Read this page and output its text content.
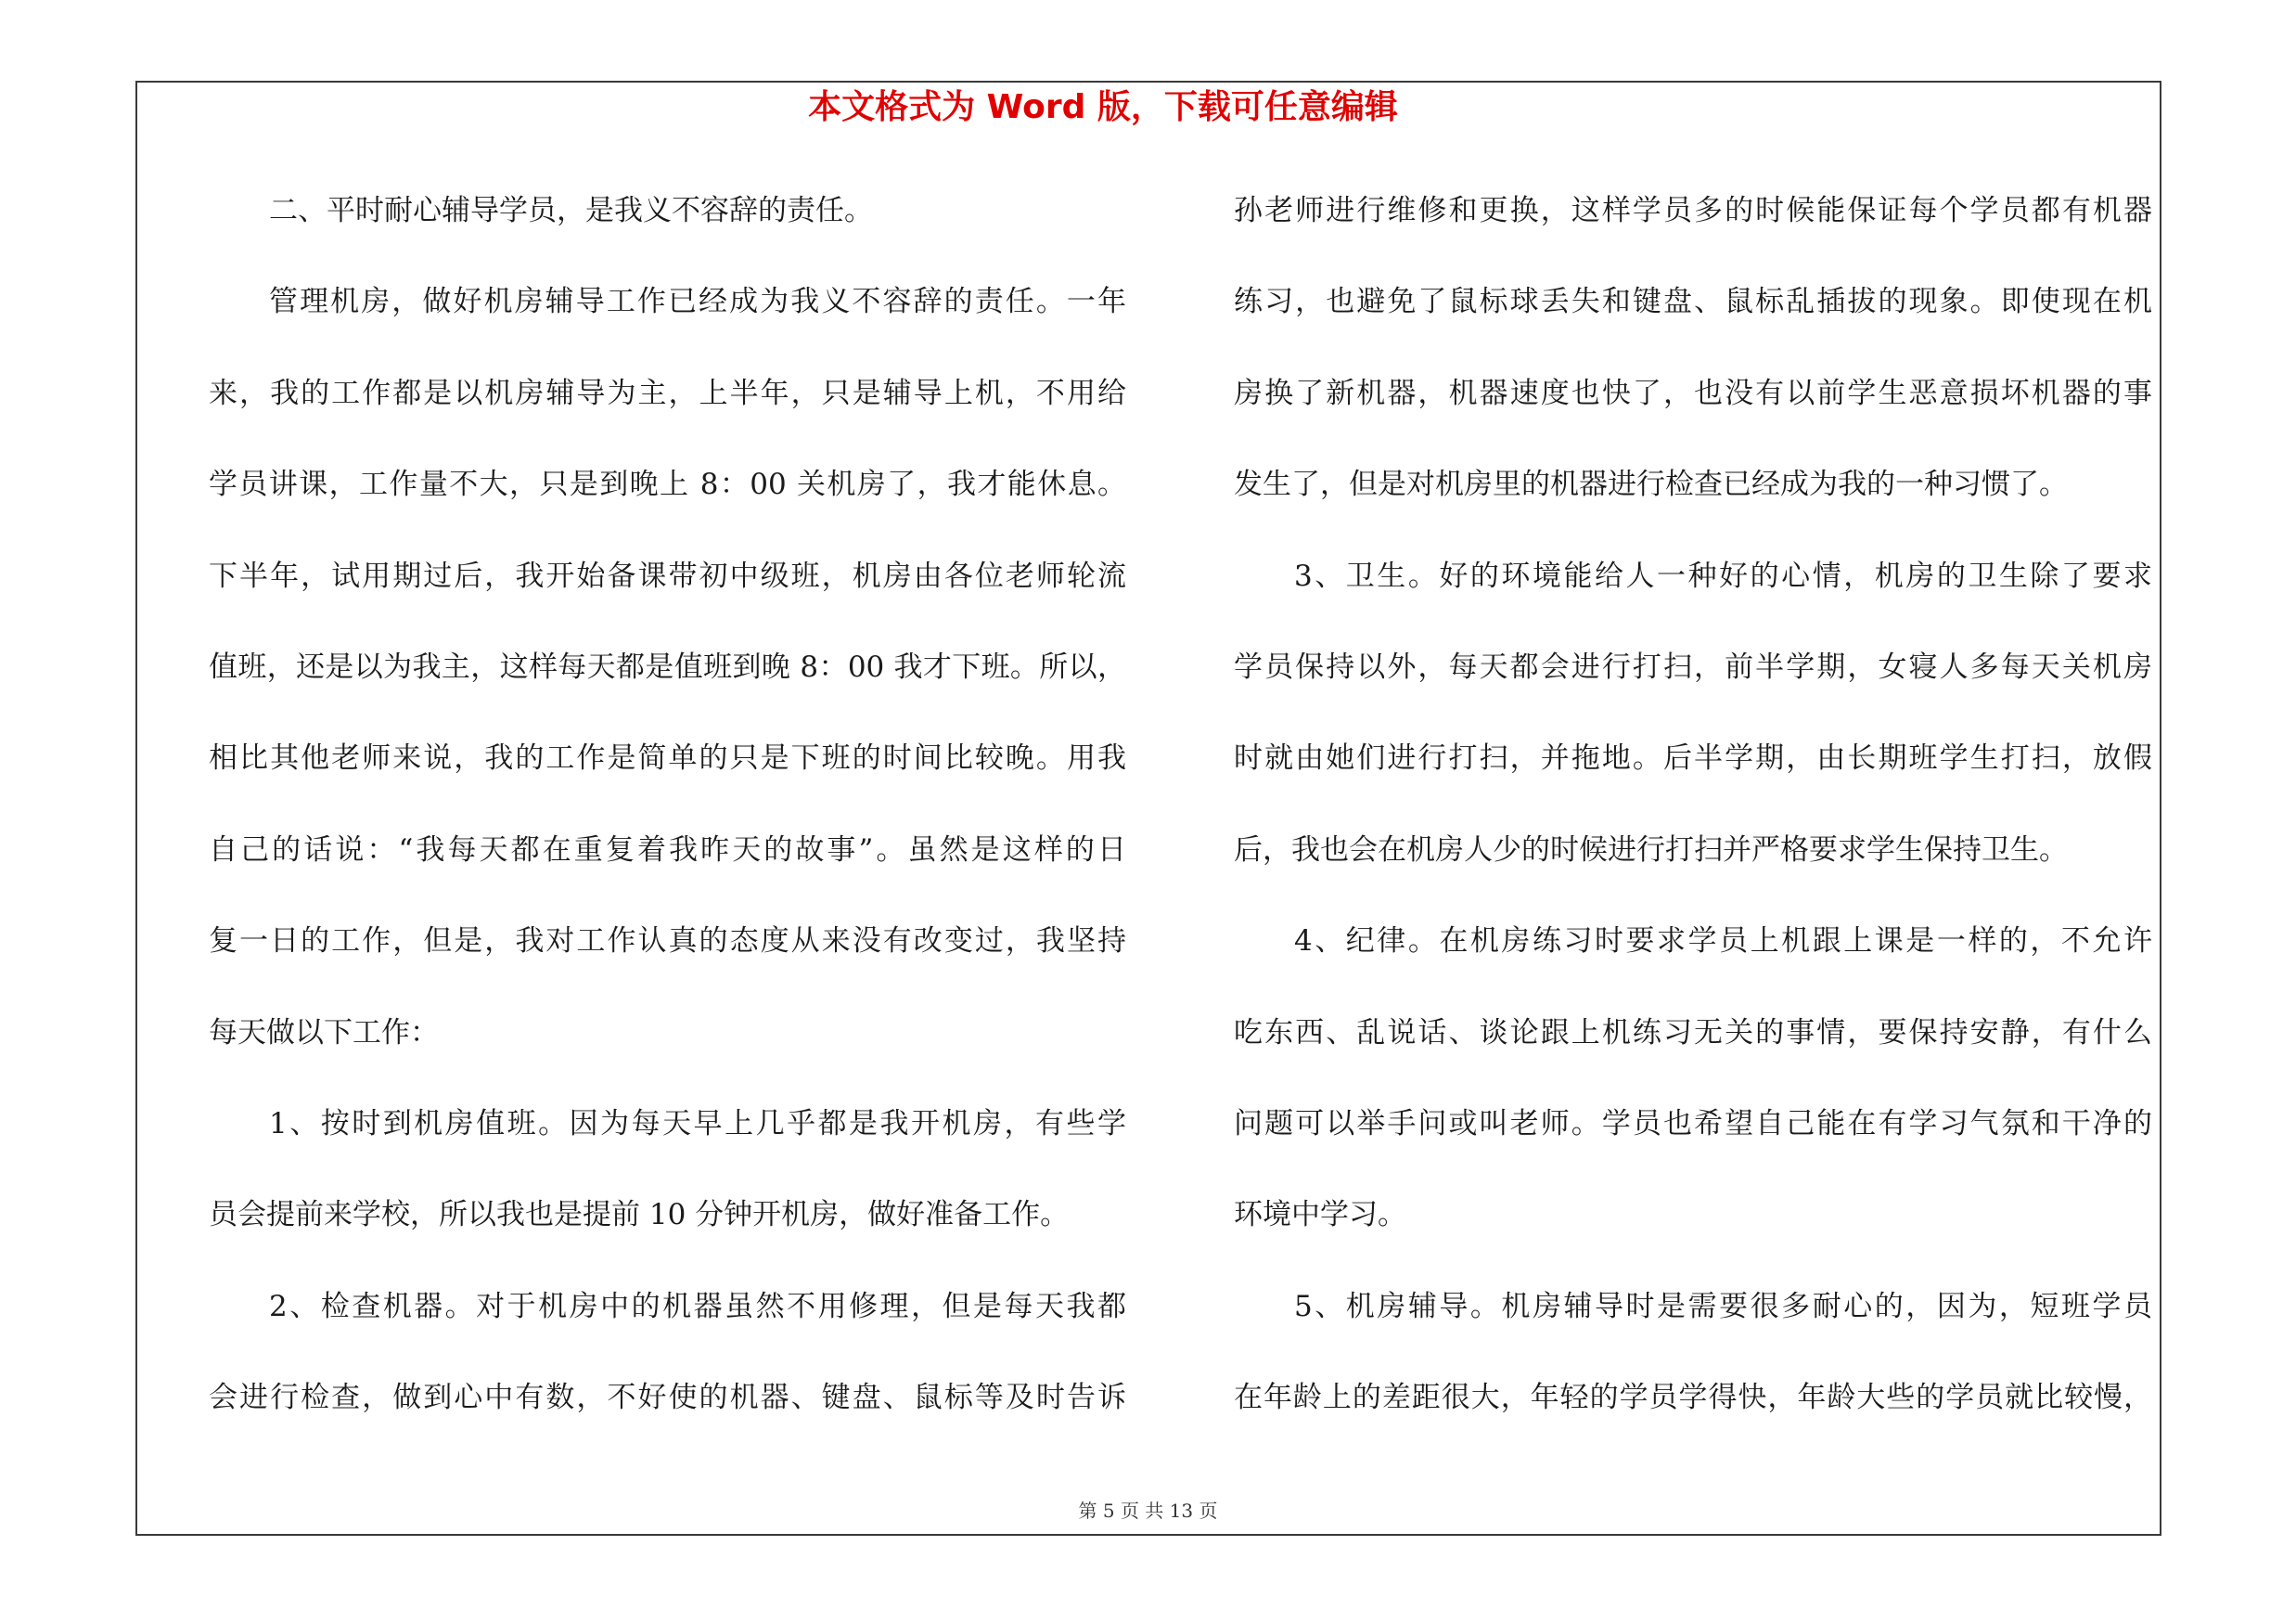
本文格式为 Word 版，下载可任意编辑
二、平时耐心辅导学员，是我义不容辞的责任。
管理机房，做好机房辅导工作已经成为我义不容辞的责任。一年
来，我的工作都是以机房辅导为主，上半年，只是辅导上机，不用给
学员讲课，工作量不大，只是到晚上 8：00 关机房了，我才能休息。
下半年，试用期过后，我开始备课带初中级班，机房由各位老师轮流
值班，还是以为我主，这样每天都是值班到晚 8：00 我才下班。所以，
相比其他老师来说，我的工作是简单的只是下班的时间比较晚。用我
自己的话说：“我每天都在重复着我昨天的故事”。虽然是这样的日
复一日的工作，但是，我对工作认真的态度从来没有改变过，我坚持
每天做以下工作：
1、按时到机房值班。因为每天早上几乎都是我开机房，有些学
员会提前来学校，所以我也是提前 10 分钟开机房，做好准备工作。
2、检查机器。对于机房中的机器虽然不用修理，但是每天我都
会进行检查，做到心中有数，不好使的机器、键盘、鼠标等及时告诉
孙老师进行维修和更换，这样学员多的时候能保证每个学员都有机器
练习，也避免了鼠标球丢失和键盘、鼠标乱插拔的现象。即使现在机
房换了新机器，机器速度也快了，也没有以前学生恶意损坏机器的事
发生了，但是对机房里的机器进行检查已经成为我的一种习惯了。
3、卫生。好的环境能给人一种好的心情，机房的卫生除了要求
学员保持以外，每天都会进行打扫，前半学期，女寝人多每天关机房
时就由她们进行打扫，并拖地。后半学期，由长期班学生打扫，放假
后，我也会在机房人少的时候进行打扫并严格要求学生保持卫生。
4、纪律。在机房练习时要求学员上机跟上课是一样的，不允许
吃东西、乱说话、谈论跟上机练习无关的事情，要保持安静，有什么
问题可以举手问或叫老师。学员也希望自己能在有学习气氛和干净的
环境中学习。
5、机房辅导。机房辅导时是需要很多耐心的，因为，短班学员
在年龄上的差距很大，年轻的学员学得快，年龄大些的学员就比较慢，
第 5 页 共 13 页
